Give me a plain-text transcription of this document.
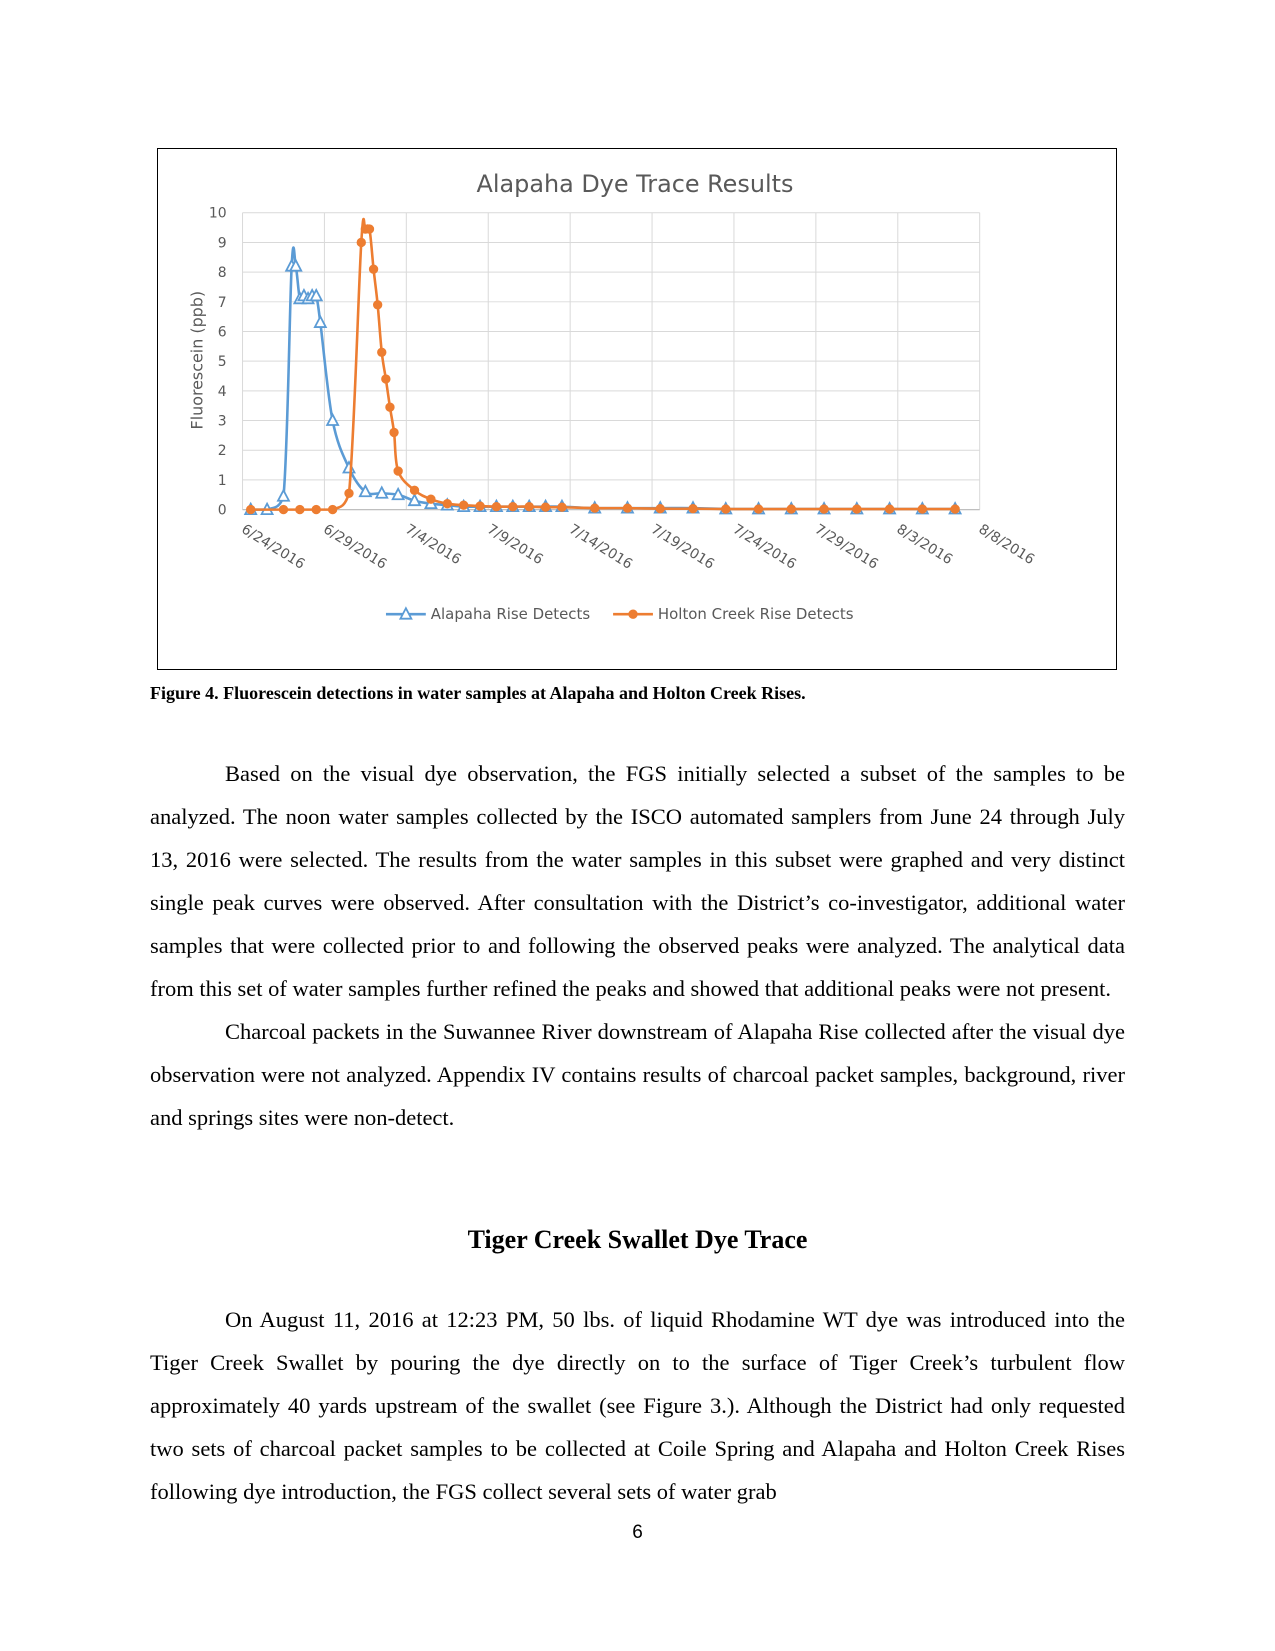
Alapaha Dye Trace Results
Fluorescein (ppb)
0
1
2
3
4
5
6
7
8
9
10
6/24/2016 6/29/2016 7/4/2016 7/9/2016 7/14/2016 7/19/2016 7/24/2016 7/29/2016 8/3/2016 8/8/2016
Alapaha Rise Detects	Holton Creek Rise Detects
Figure 4. Fluorescein detections in water samples at Alapaha and Holton Creek Rises.

Based on the visual dye observation, the FGS initially selected a subset of the samples to be analyzed. The noon water samples collected by the ISCO automated samplers from June 24 through July 13, 2016 were selected. The results from the water samples in this subset were graphed and very distinct single peak curves were observed. After consultation with the District’s co-investigator, additional water samples that were collected prior to and following the observed peaks were analyzed. The analytical data from this set of water samples further refined the peaks and showed that additional peaks were not present.

Charcoal packets in the Suwannee River downstream of Alapaha Rise collected after the visual dye observation were not analyzed. Appendix IV contains results of charcoal packet samples, background, river and springs sites were non-detect.

Tiger Creek Swallet Dye Trace

On August 11, 2016 at 12:23 PM, 50 lbs. of liquid Rhodamine WT dye was introduced into the Tiger Creek Swallet by pouring the dye directly on to the surface of Tiger Creek’s turbulent flow approximately 40 yards upstream of the swallet (see Figure 3.). Although the District had only requested two sets of charcoal packet samples to be collected at Coile Spring and Alapaha and Holton Creek Rises following dye introduction, the FGS collect several sets of water grab

6
